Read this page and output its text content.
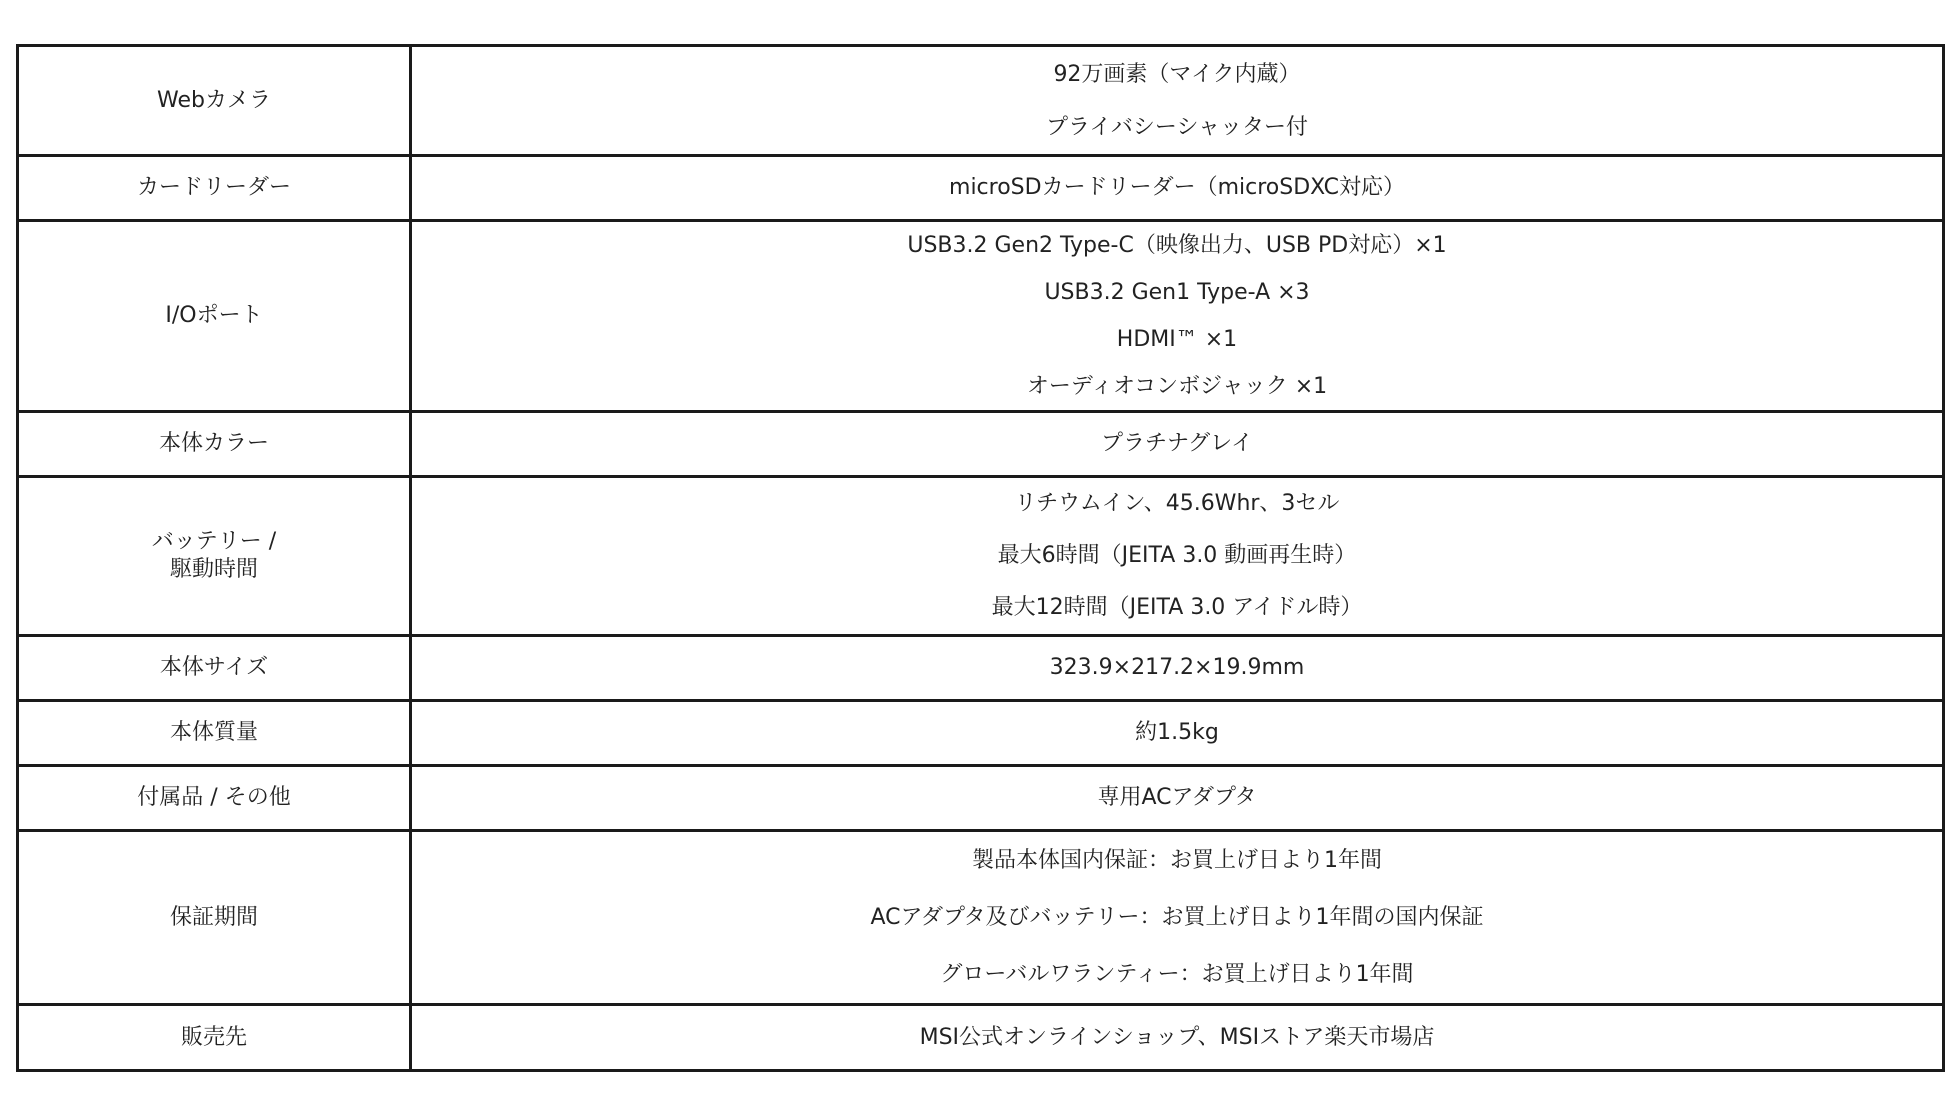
Webカメラ	92万画素（マイク内蔵）
プライバシーシャッター付

カードリーダー	microSDカードリーダー（microSDXC対応）

I/Oポート	USB3.2 Gen2 Type-C（映像出力、USB PD対応）×1
USB3.2 Gen1 Type-A ×3
HDMI™ ×1
オーディオコンボジャック ×1

本体カラー	プラチナグレイ

バッテリー /
駆動時間	リチウムイン、45.6Whr、3セル
最大6時間（JEITA 3.0 動画再生時）
最大12時間（JEITA 3.0 アイドル時）

本体サイズ	323.9×217.2×19.9mm

本体質量	約1.5kg

付属品 / その他	専用ACアダプタ

保証期間	製品本体国内保証：お買上げ日より1年間
ACアダプタ及びバッテリー：お買上げ日より1年間の国内保証
グローバルワランティー：お買上げ日より1年間

販売先	MSI公式オンラインショップ、MSIストア楽天市場店
